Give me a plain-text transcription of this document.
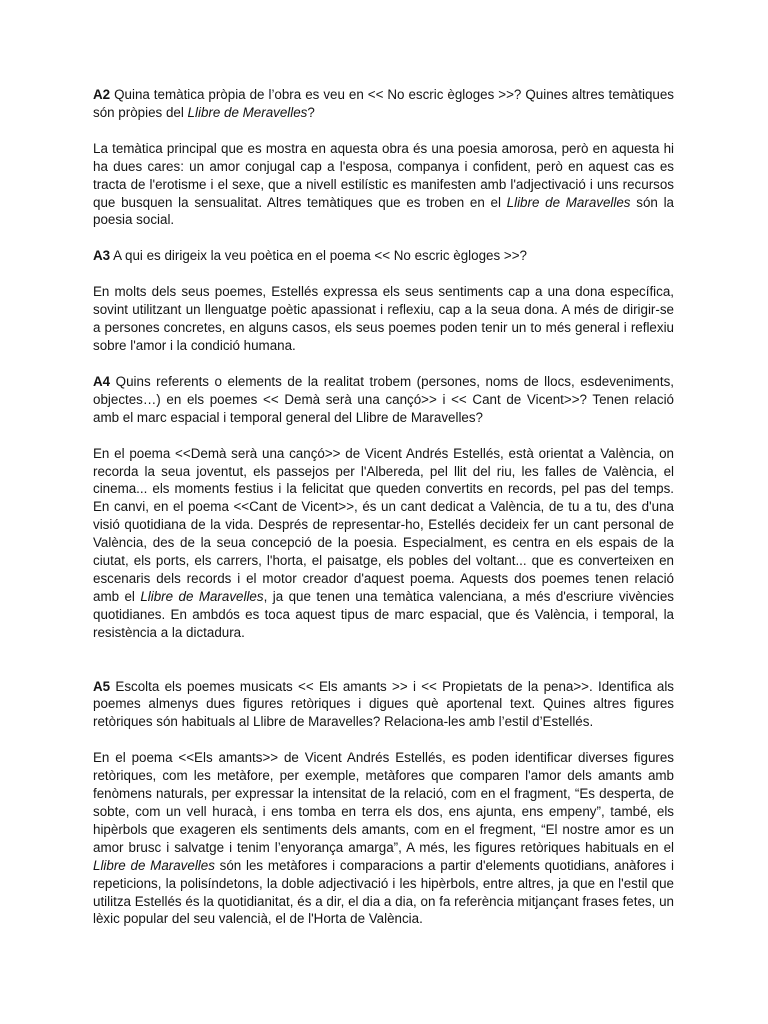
A2 Quina temàtica pròpia de l’obra es veu en << No escric ègloges >>? Quines altres temàtiques són pròpies del Llibre de Meravelles?

La temàtica principal que es mostra en aquesta obra és una poesia amorosa, però en aquesta hi ha dues cares: un amor conjugal cap a l'esposa, companya i confident, però en aquest cas es tracta de l'erotisme i el sexe, que a nivell estilístic es manifesten amb l'adjectivació i uns recursos que busquen la sensualitat. Altres temàtiques que es troben en el Llibre de Maravelles són la poesia social.

A3 A qui es dirigeix la veu poètica en el poema << No escric ègloges >>?

En molts dels seus poemes, Estellés expressa els seus sentiments cap a una dona específica, sovint utilitzant un llenguatge poètic apassionat i reflexiu, cap a la seua dona. A més de dirigir-se a persones concretes, en alguns casos, els seus poemes poden tenir un to més general i reflexiu sobre l'amor i la condició humana.

A4 Quins referents o elements de la realitat trobem (persones, noms de llocs, esdeveniments, objectes…) en els poemes << Demà serà una cançó>> i << Cant de Vicent>>? Tenen relació amb el marc espacial i temporal general del Llibre de Maravelles?

En el poema <<Demà serà una cançó>> de Vicent Andrés Estellés, està orientat a València, on recorda la seua joventut, els passejos per l'Albereda, pel llit del riu, les falles de València, el cinema... els moments festius i la felicitat que queden convertits en records, pel pas del temps. En canvi, en el poema <<Cant de Vicent>>, és un cant dedicat a València, de tu a tu, des d'una visió quotidiana de la vida. Després de representar-ho, Estellés decideix fer un cant personal de València, des de la seua concepció de la poesia. Especialment, es centra en els espais de la ciutat, els ports, els carrers, l'horta, el paisatge, els pobles del voltant... que es converteixen en escenaris dels records i el motor creador d'aquest poema. Aquests dos poemes tenen relació amb el Llibre de Maravelles, ja que tenen una temàtica valenciana, a més d'escriure vivències quotidianes. En ambdós es toca aquest tipus de marc espacial, que és València, i temporal, la resistència a la dictadura.

A5 Escolta els poemes musicats << Els amants >> i << Propietats de la pena>>. Identifica als poemes almenys dues figures retòriques i digues què aportenal text. Quines altres figures retòriques són habituals al Llibre de Maravelles? Relaciona-les amb l’estil d’Estellés.

En el poema <<Els amants>> de Vicent Andrés Estellés, es poden identificar diverses figures retòriques, com les metàfore, per exemple, metàfores que comparen l'amor dels amants amb fenòmens naturals, per expressar la intensitat de la relació, com en el fragment, “Es desperta, de sobte, com un vell huracà, i ens tomba en terra els dos, ens ajunta, ens empeny”, també, els hipèrbols que exageren els sentiments dels amants, com en el fregment, “El nostre amor es un amor brusc i salvatge i tenim l’enyorança amarga”, A més, les figures retòriques habituals en el Llibre de Maravelles són les metàfores i comparacions a partir d'elements quotidians, anàfores i repeticions, la polisíndetons, la doble adjectivació i les hipèrbols, entre altres, ja que en l'estil que utilitza Estellés és la quotidianitat, és a dir, el dia a dia, on fa referència mitjançant frases fetes, un lèxic popular del seu valencià, el de l'Horta de València.
